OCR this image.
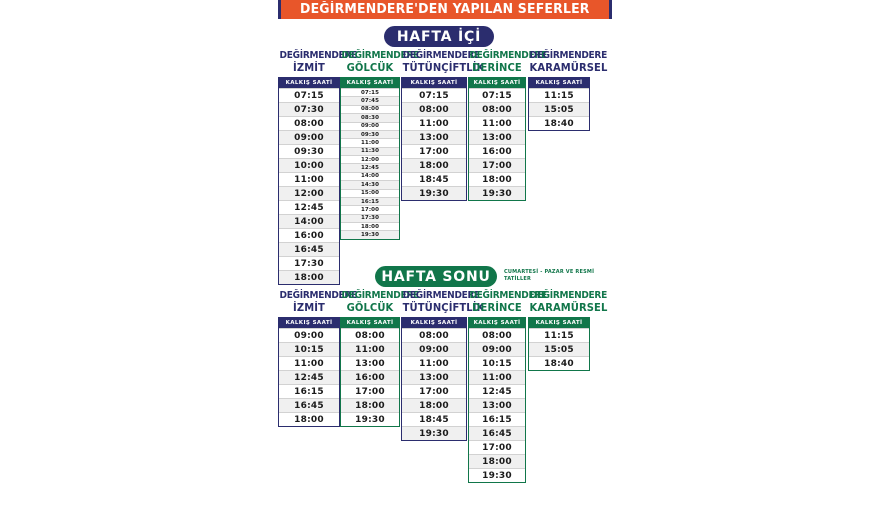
DEĞİRMENDERE'DEN YAPILAN SEFERLER
HAFTA İÇİ
HAFTA SONU	CUMARTESİ - PAZAR VE RESMİ TATİLLER
DEĞİRMENDERE
İZMİT
KALKIŞ SAATİ
07:15
07:30
08:00
09:00
09:30
10:00
11:00
12:00
12:45
14:00
16:00
16:45
17:30
18:00
DEĞİRMENDERE
GÖLCÜK
KALKIŞ SAATİ
07:15
07:45
08:00
08:30
09:00
09:30
11:00
11:30
12:00
12:45
14:00
14:30
15:00
16:15
17:00
17:30
18:00
19:30
DEĞİRMENDERE
TÜTÜNÇİFTLİK
KALKIŞ SAATİ
07:15
08:00
11:00
13:00
17:00
18:00
18:45
19:30
DEĞİRMENDERE
DERİNCE
KALKIŞ SAATİ
07:15
08:00
11:00
13:00
16:00
17:00
18:00
19:30
DEĞİRMENDERE
KARAMÜRSEL
KALKIŞ SAATİ
11:15
15:05
18:40
DEĞİRMENDERE
İZMİT
KALKIŞ SAATİ
09:00
10:15
11:00
12:45
16:15
16:45
18:00
DEĞİRMENDERE
GÖLCÜK
KALKIŞ SAATİ
08:00
11:00
13:00
16:00
17:00
18:00
19:30
DEĞİRMENDERE
TÜTÜNÇİFTLİK
KALKIŞ SAATİ
08:00
09:00
11:00
13:00
17:00
18:00
18:45
19:30
DEĞİRMENDERE
DERİNCE
KALKIŞ SAATİ
08:00
09:00
10:15
11:00
12:45
13:00
16:15
16:45
17:00
18:00
19:30
DEĞİRMENDERE
KARAMÜRSEL
KALKIŞ SAATİ
11:15
15:05
18:40
